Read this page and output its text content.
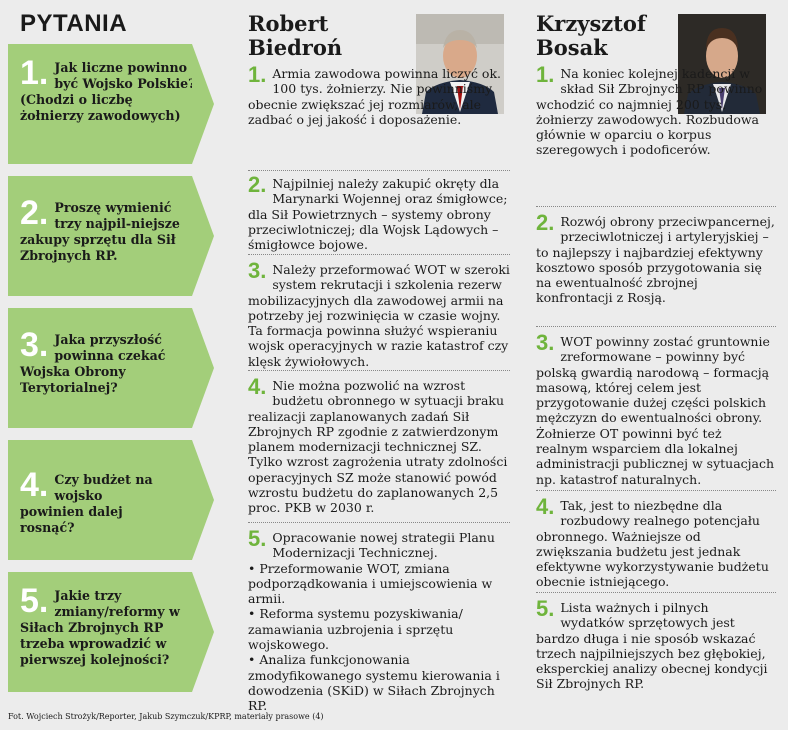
PYTANIA
1. Jak liczne powinno być Wojsko Polskie? (Chodzi o liczbę żołnierzy zawodowych)
2. Proszę wymienić trzy najpil-niejsze zakupy sprzętu dla Sił Zbrojnych RP.
3. Jaka przyszłość powinna czekać Wojska Obrony Terytorialnej?
4. Czy budżet na wojsko powinien dalej rosnąć?
5. Jakie trzy zmiany/reformy w Siłach Zbrojnych RP trzeba wprowadzić w pierwszej kolejności?
Robert
Biedroń
1. Armia zawodowa powinna liczyć ok. 100 tys. żołnierzy. Nie powinniśmy obecnie zwiększać jej rozmiarów, ale zadbać o jej jakość i doposażenie.
2. Najpilniej należy zakupić okręty dla Marynarki Wojennej oraz śmigłowce; dla Sił Powietrznych – systemy obrony przeciwlotniczej; dla Wojsk Lądowych – śmigłowce bojowe.
3. Należy przeformować WOT w szeroki system rekrutacji i szkolenia rezerw mobilizacyjnych dla zawodowej armii na potrzeby jej rozwinięcia w czasie wojny. Ta formacja powinna służyć wspieraniu wojsk operacyjnych w razie katastrof czy klęsk żywiołowych.
4. Nie można pozwolić na wzrost budżetu obronnego w sytuacji braku realizacji zaplanowanych zadań Sił Zbrojnych RP zgodnie z zatwierdzonym planem modernizacji technicznej SZ. Tylko wzrost zagrożenia utraty zdolności operacyjnych SZ może stanowić powód wzrostu budżetu do zaplanowanych 2,5 proc. PKB w 2030 r.
5. Opracowanie nowej strategii Planu Modernizacji Technicznej.
• Przeformowanie WOT, zmiana podporządkowania i umiejscowienia w armii.
• Reforma systemu pozyskiwania/ zamawiania uzbrojenia i sprzętu wojskowego.
• Analiza funkcjonowania zmodyfikowanego systemu kierowania i dowodzenia (SKiD) w Siłach Zbrojnych RP.
Krzysztof
Bosak
1. Na koniec kolejnej kadencji w skład Sił Zbrojnych RP powinno wchodzić co najmniej 200 tys. żołnierzy zawodowych. Rozbudowa głównie w oparciu o korpus szeregowych i podoficerów.
2. Rozwój obrony przeciwpancernej, przeciwlotniczej i artyleryjskiej – to najlepszy i najbardziej efektywny kosztowo sposób przygotowania się na ewentualność zbrojnej konfrontacji z Rosją.
3. WOT powinny zostać gruntownie zreformowane – powinny być polską gwardią narodową – formacją masową, której celem jest przygotowanie dużej części polskich mężczyzn do ewentualności obrony. Żołnierze OT powinni być też realnym wsparciem dla lokalnej administracji publicznej w sytuacjach np. katastrof naturalnych.
4. Tak, jest to niezbędne dla rozbudowy realnego potencjału obronnego. Ważniejsze od zwiększania budżetu jest jednak efektywne wykorzystywanie budżetu obecnie istniejącego.
5. Lista ważnych i pilnych wydatków sprzętowych jest bardzo długa i nie sposób wskazać trzech najpilniejszych bez głębokiej, eksperckiej analizy obecnej kondycji Sił Zbrojnych RP.
Fot. Wojciech Strożyk/Reporter, Jakub Szymczuk/KPRP, materiały prasowe (4)
